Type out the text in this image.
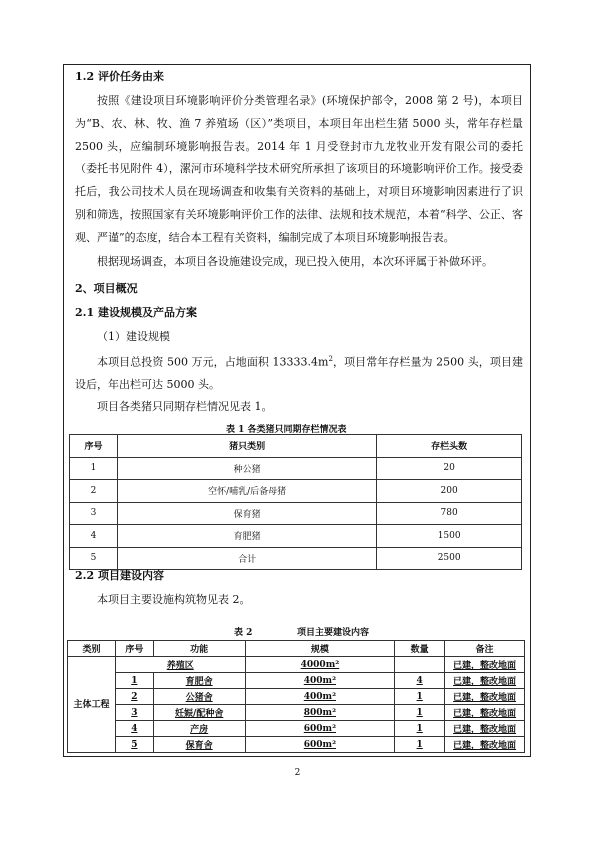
1.2 评价任务由来
按照《建设项目环境影响评价分类管理名录》(环境保护部令，2008 第 2 号)，本项目为“B、农、林、牧、渔 7 养殖场（区）”类项目，本项目年出栏生猪 5000 头，常年存栏量 2500 头，应编制环境影响报告表。2014 年 1 月受登封市九龙牧业开发有限公司的委托（委托书见附件 4），漯河市环境科学技术研究所承担了该项目的环境影响评价工作。接受委托后，我公司技术人员在现场调查和收集有关资料的基础上，对项目环境影响因素进行了识别和筛选，按照国家有关环境影响评价工作的法律、法规和技术规范，本着“科学、公正、客观、严谨”的态度，结合本工程有关资料，编制完成了本项目环境影响报告表。
根据现场调查，本项目各设施建设完成，现已投入使用，本次环评属于补做环评。
2、项目概况
2.1 建设规模及产品方案
（1）建设规模
本项目总投资 500 万元，占地面积 $13333.4m^2$，项目常年存栏量为 2500 头，项目建设后，年出栏可达 5000 头。
项目各类猪只同期存栏情况见表 1。
表 1 各类猪只同期存栏情况表
序号	猪只类别	存栏头数
1	种公猪	20
2	空怀/哺乳/后备母猪	200
3	保育猪	780
4	育肥猪	1500
5	合计	2500
2.2 项目建设内容
本项目主要设施构筑物见表 2。
表 2	项目主要建设内容
类别	序号	功能	规模	数量	备注
主体工程	养殖区		4000m²		已建，整改地面
	1	育肥舍	400m²	4	已建，整改地面
	2	公猪舍	400m²	1	已建，整改地面
	3	妊娠/配种舍	800m²	1	已建，整改地面
	4	产房	600m²	1	已建，整改地面
	5	保育舍	600m²	1	已建，整改地面
2
